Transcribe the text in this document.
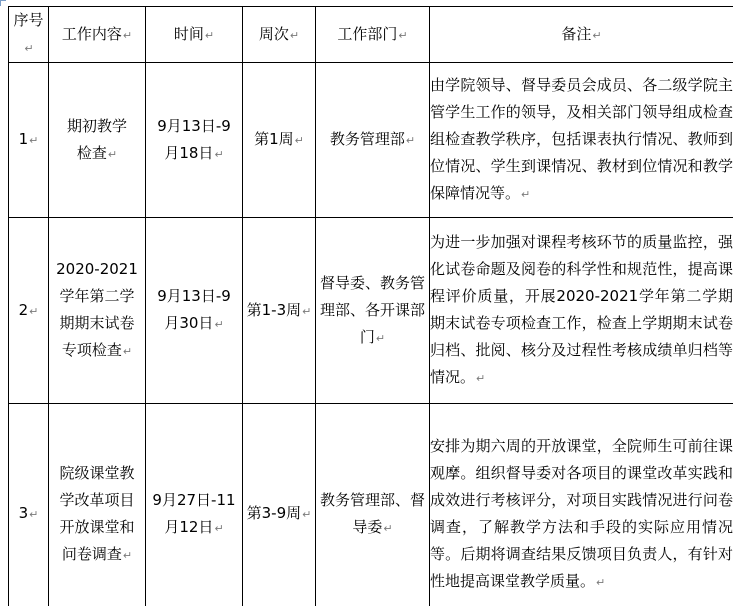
序号↵	工作内容↵	时间↵	周次↵	工作部门↵	备注↵
1↵	期初教学检查↵	9月13日-9月18日↵	第1周↵	教务管理部↵	由学院领导、督导委员会成员、各二级学院主管学生工作的领导，及相关部门领导组成检查组检查教学秩序，包括课表执行情况、教师到位情况、学生到课情况、教材到位情况和教学保障情况等。↵
2↵	2020-2021学年第二学期期末试卷专项检查↵	9月13日-9月30日↵	第1-3周↵	督导委、教务管理部、各开课部门↵	为进一步加强对课程考核环节的质量监控，强化试卷命题及阅卷的科学性和规范性，提高课程评价质量，开展2020-2021学年第二学期期末试卷专项检查工作，检查上学期期末试卷归档、批阅、核分及过程性考核成绩单归档等情况。↵
3↵	院级课堂教学改革项目开放课堂和问卷调查↵	9月27日-11月12日↵	第3-9周↵	教务管理部、督导委↵	安排为期六周的开放课堂，全院师生可前往课观摩。组织督导委对各项目的课堂改革实践和成效进行考核评分，对项目实践情况进行问卷调查，了解教学方法和手段的实际应用情况等。后期将调查结果反馈项目负责人，有针对性地提高课堂教学质量。↵
